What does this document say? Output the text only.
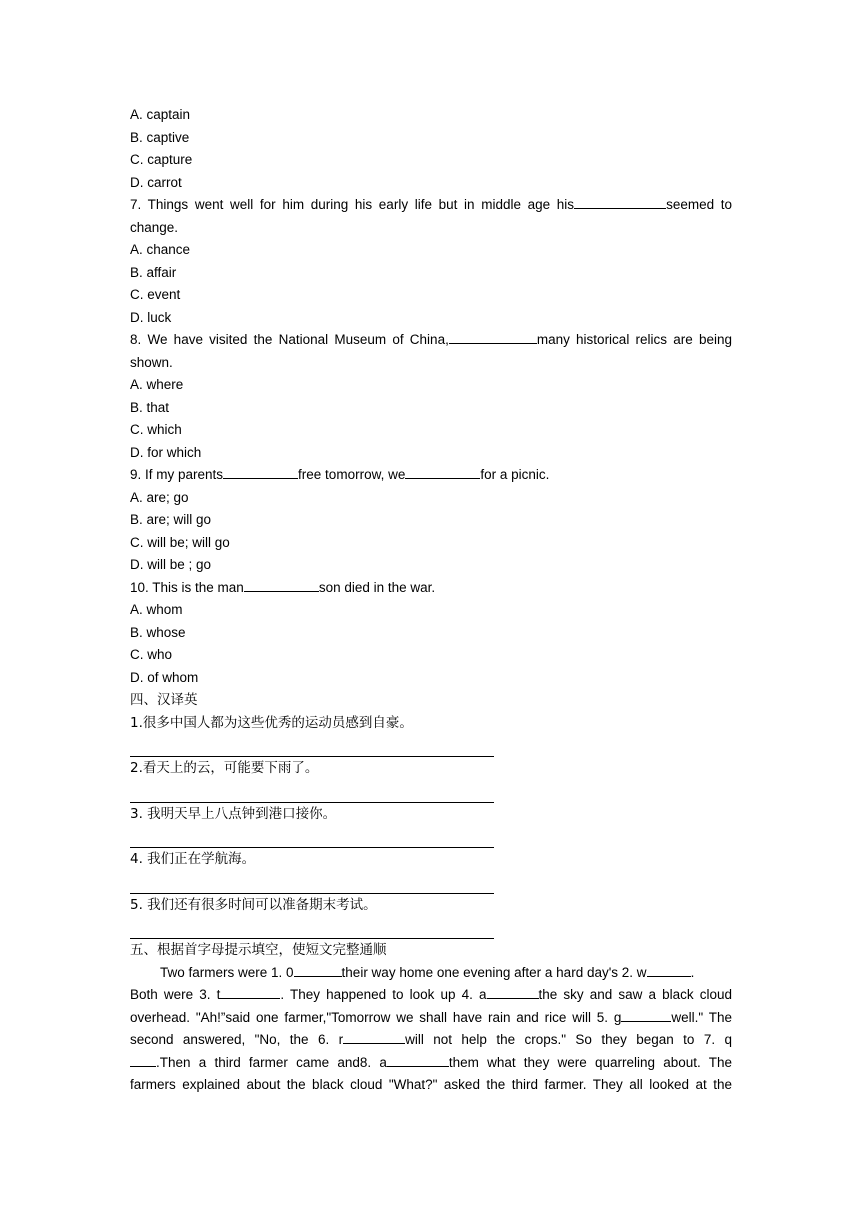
A. captain
B. captive
C. capture
D. carrot
7. Things went well for him during his early life but in middle age his	seemed to
change.
A. chance
B. affair
C. event
D. luck
8. We have visited the National Museum of China,	many historical relics are being
shown.
A. where
B. that
C. which
D. for which
9. If my parents	free tomorrow, we	for a picnic.
A. are; go
B. are; will go
C. will be; will go
D. will be ; go
10. This is the man	son died in the war.
A. whom
B. whose
C. who
D. of whom
四、汉译英
1.很多中国人都为这些优秀的运动员感到自豪。
2.看天上的云，可能要下雨了。
3. 我明天早上八点钟到港口接你。
4. 我们正在学航海。
5. 我们还有很多时间可以准备期末考试。
五、根据首字母提示填空，使短文完整通顺
Two farmers were 1. 0	their way home one evening after a hard day's 2. w	.
Both were 3. t	. They happened to look up 4. a	the sky and saw a black cloud
overhead. "Ah!”said one farmer,"Tomorrow we shall have rain and rice will 5. g	well." The
second answered, "No, the 6. r	will not help the crops." So they began to 7. q
.Then a third farmer came and8. a	them what they were quarreling about. The
farmers explained about the black cloud "What?" asked the third farmer. They all looked at the
